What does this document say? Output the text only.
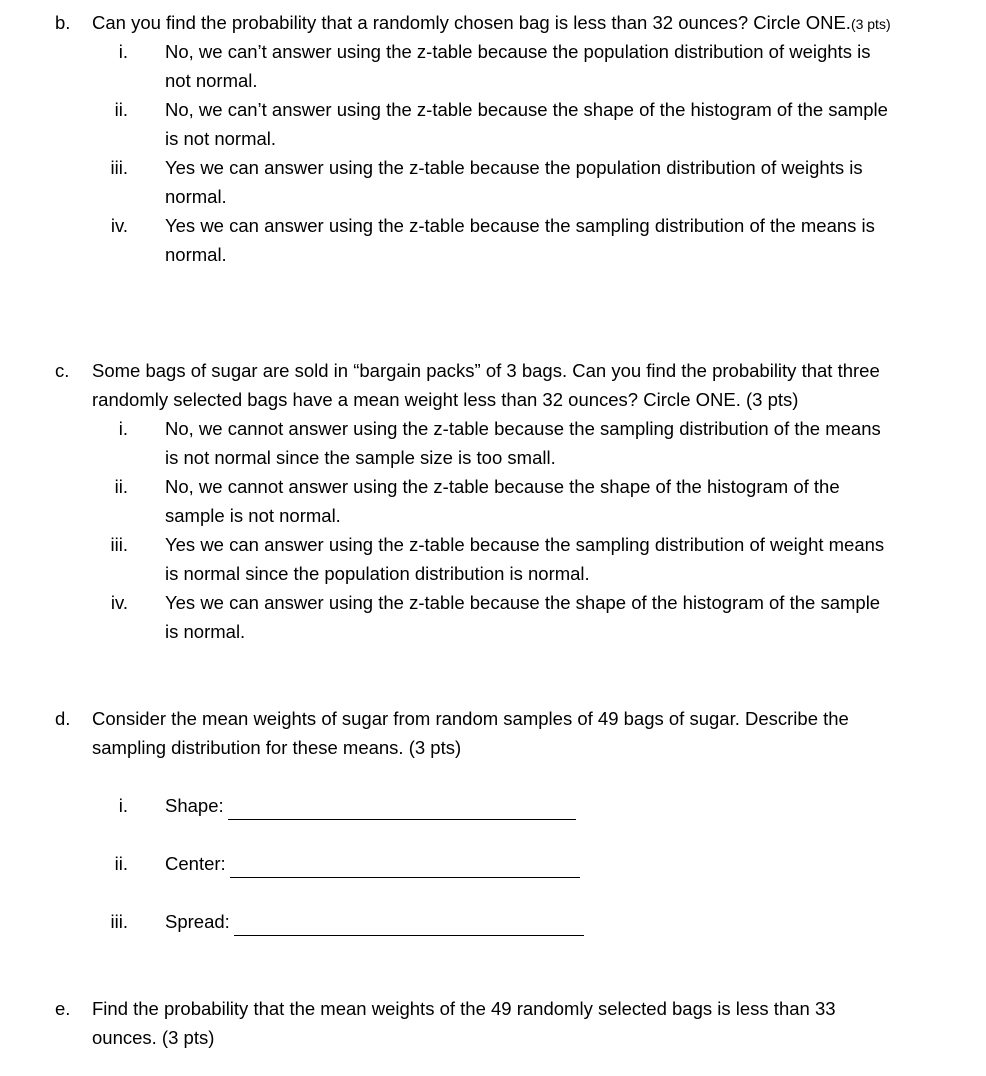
b. Can you find the probability that a randomly chosen bag is less than 32 ounces? Circle ONE.(3 pts)
i. No, we can’t answer using the z-table because the population distribution of weights is
not normal.
ii. No, we can’t answer using the z-table because the shape of the histogram of the sample
is not normal.
iii. Yes we can answer using the z-table because the population distribution of weights is
normal.
iv. Yes we can answer using the z-table because the sampling distribution of the means is
normal.
c. Some bags of sugar are sold in “bargain packs” of 3 bags. Can you find the probability that three
randomly selected bags have a mean weight less than 32 ounces? Circle ONE. (3 pts)
i. No, we cannot answer using the z-table because the sampling distribution of the means
is not normal since the sample size is too small.
ii. No, we cannot answer using the z-table because the shape of the histogram of the
sample is not normal.
iii. Yes we can answer using the z-table because the sampling distribution of weight means
is normal since the population distribution is normal.
iv. Yes we can answer using the z-table because the shape of the histogram of the sample
is normal.
d. Consider the mean weights of sugar from random samples of 49 bags of sugar. Describe the
sampling distribution for these means. (3 pts)
i. Shape:
ii. Center:
iii. Spread:
e. Find the probability that the mean weights of the 49 randomly selected bags is less than 33
ounces. (3 pts)
